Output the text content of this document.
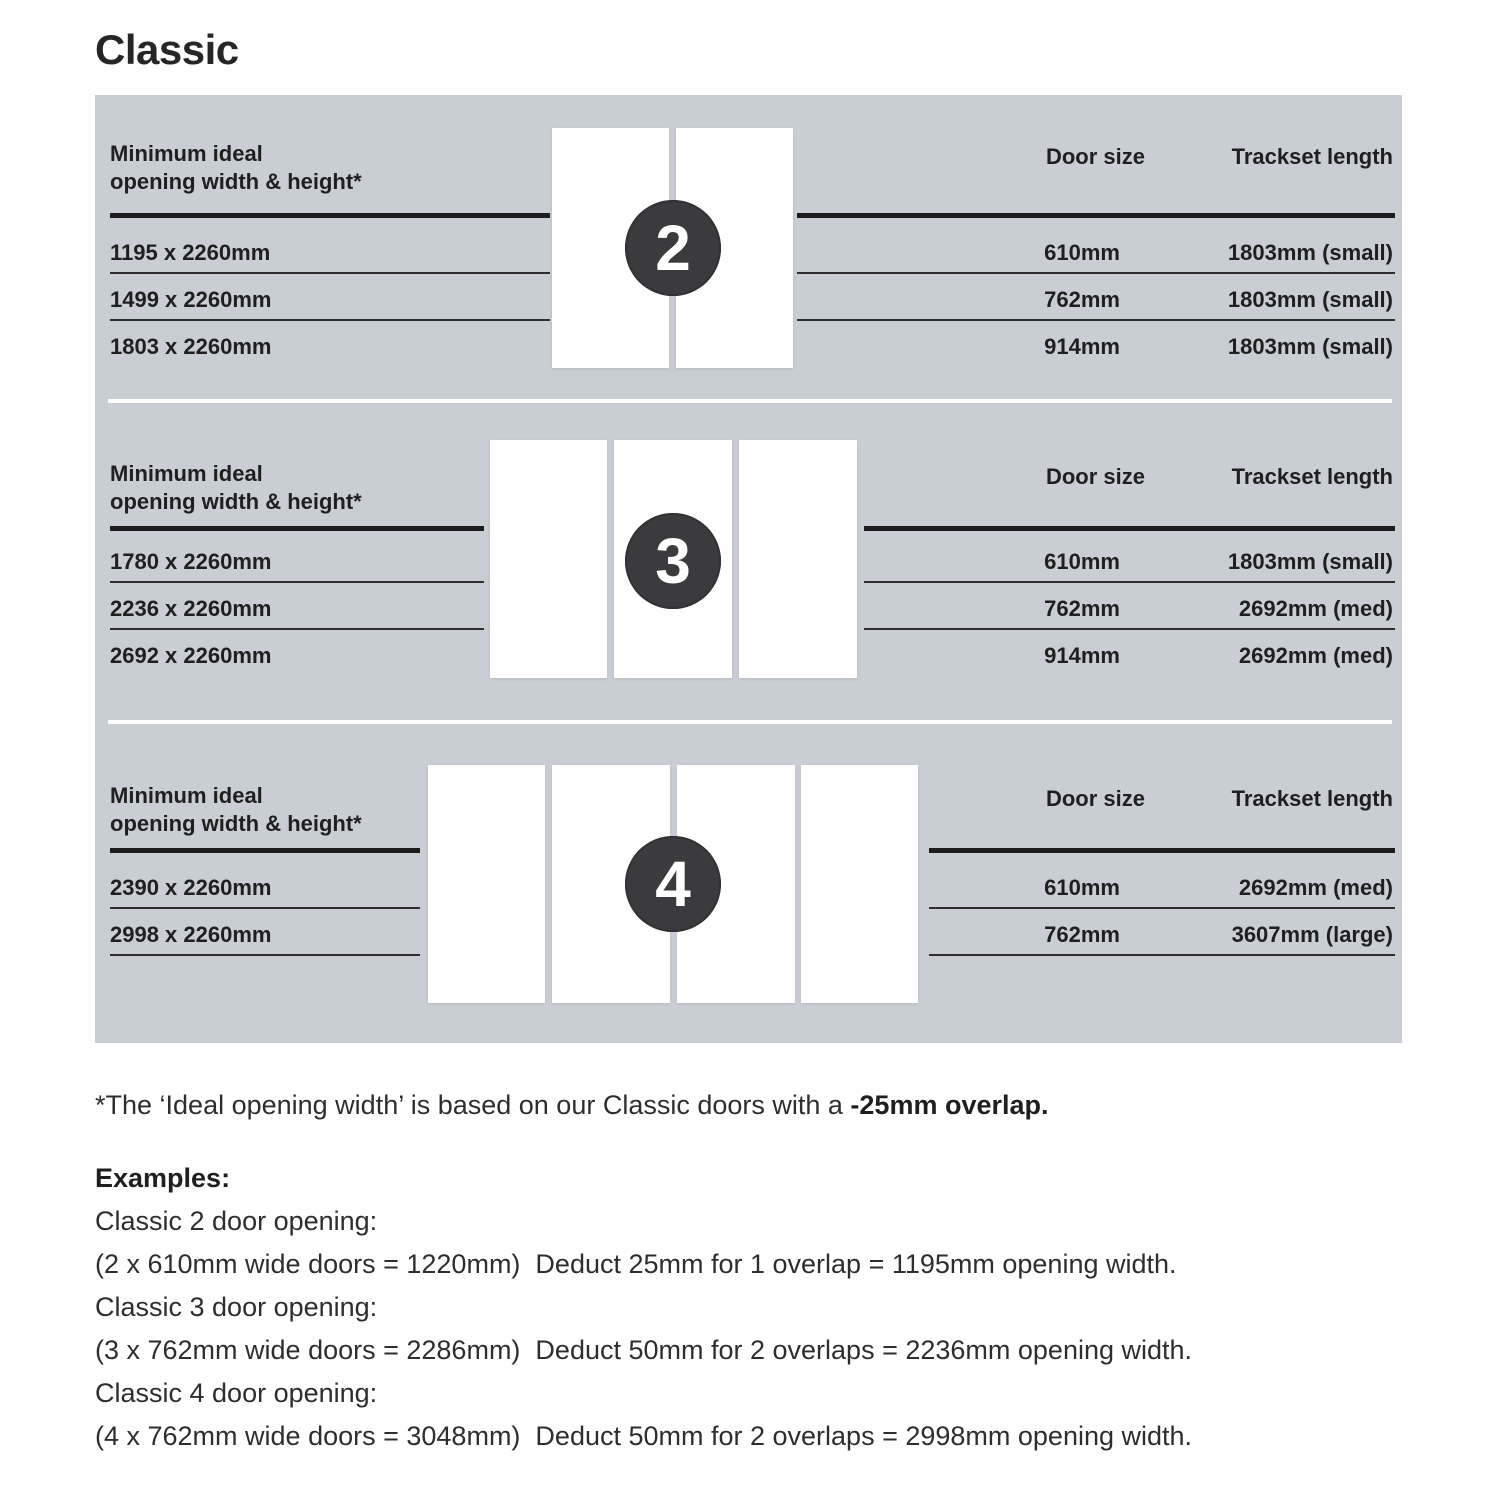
Classic
Minimum ideal
opening width & height*
Door size	Trackset length
1195 x 2260mm	610mm	1803mm (small)
1499 x 2260mm	762mm	1803mm (small)
1803 x 2260mm	914mm	1803mm (small)
2
Minimum ideal
opening width & height*
Door size	Trackset length
1780 x 2260mm	610mm	1803mm (small)
2236 x 2260mm	762mm	2692mm (med)
2692 x 2260mm	914mm	2692mm (med)
3
Minimum ideal
opening width & height*
Door size	Trackset length
2390 x 2260mm	610mm	2692mm (med)
2998 x 2260mm	762mm	3607mm (large)
4
*The ‘Ideal opening width’ is based on our Classic doors with a -25mm overlap.
Examples:
Classic 2 door opening:
(2 x 610mm wide doors = 1220mm)  Deduct 25mm for 1 overlap = 1195mm opening width.
Classic 3 door opening:
(3 x 762mm wide doors = 2286mm)  Deduct 50mm for 2 overlaps = 2236mm opening width.
Classic 4 door opening:
(4 x 762mm wide doors = 3048mm)  Deduct 50mm for 2 overlaps = 2998mm opening width.
